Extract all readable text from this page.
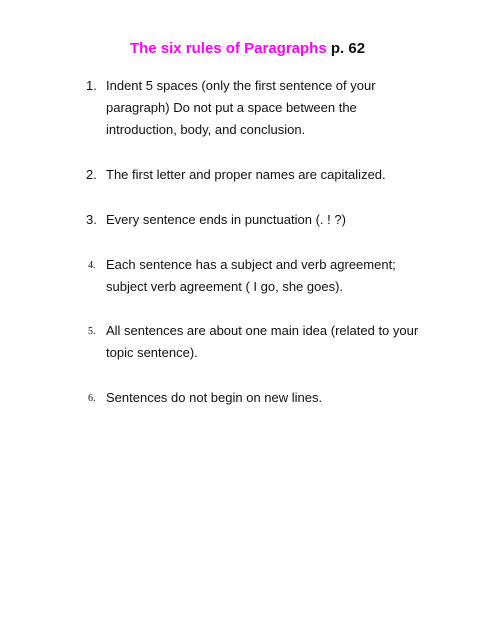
The six rules of Paragraphs p. 62
1. Indent 5 spaces (only the first sentence of your
paragraph) Do not put a space between the
introduction, body, and conclusion.
2. The first letter and proper names are capitalized.
3. Every sentence ends in punctuation (. ! ?)
4. Each sentence has a subject and verb agreement;
subject verb agreement ( I go, she goes).
5. All sentences are about one main idea (related to your
topic sentence).
6. Sentences do not begin on new lines.
